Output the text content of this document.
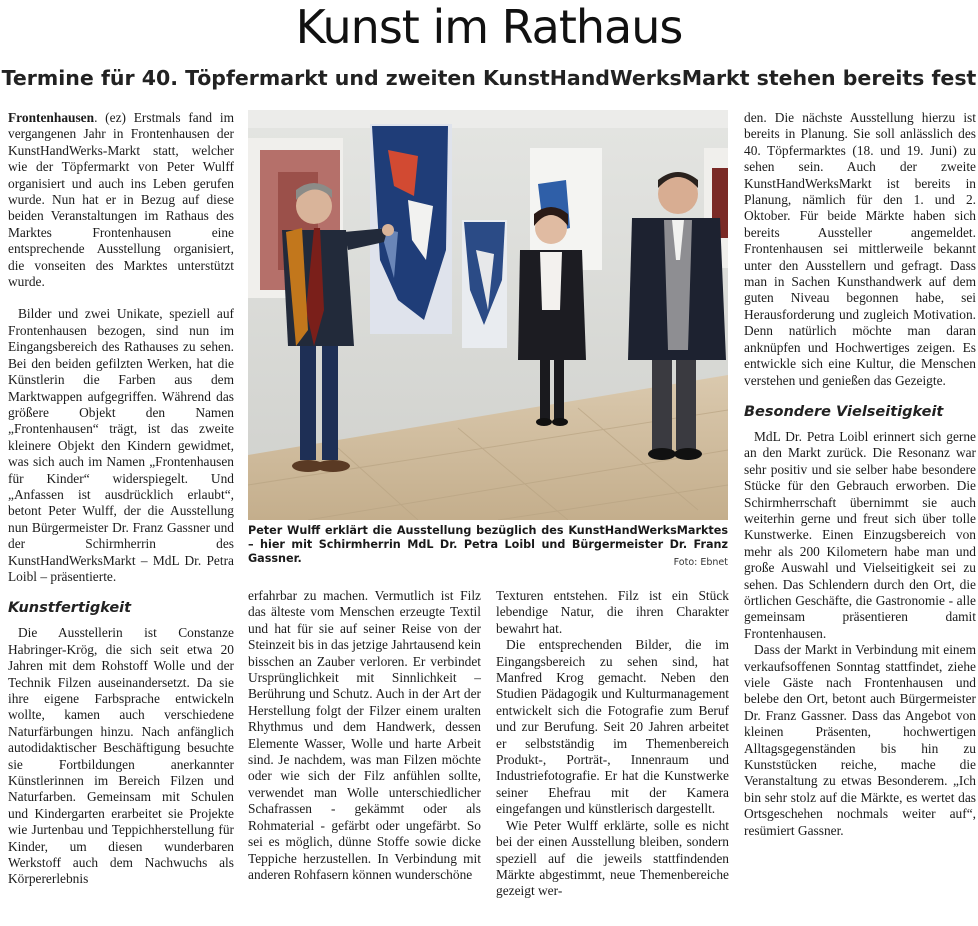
Kunst im Rathaus
Termine für 40. Töpfermarkt und zweiten KunstHandWerksMarkt stehen bereits fest

Frontenhausen. (ez) Erstmals fand im vergangenen Jahr in Frontenhausen der KunstHandWerks-Markt statt, welcher wie der Töpfermarkt von Peter Wulff organisiert und auch ins Leben gerufen wurde. Nun hat er in Bezug auf diese beiden Veranstaltungen im Rathaus des Marktes Frontenhausen eine entsprechende Ausstellung organisiert, die vonseiten des Marktes unterstützt wurde.

Bilder und zwei Unikate, speziell auf Frontenhausen bezogen, sind nun im Eingangsbereich des Rathauses zu sehen. Bei den beiden gefilzten Werken, hat die Künstlerin die Farben aus dem Marktwappen aufgegriffen. Während das größere Objekt den Namen „Frontenhausen“ trägt, ist das zweite kleinere Objekt den Kindern gewidmet, was sich auch im Namen „Frontenhausen für Kinder“ widerspiegelt. Und „Anfassen ist ausdrücklich erlaubt“, betont Peter Wulff, der die Ausstellung nun Bürgermeister Dr. Franz Gassner und der Schirmherrin des KunstHandWerksMarkt – MdL Dr. Petra Loibl – präsentierte.

Kunstfertigkeit

Die Ausstellerin ist Constanze Habringer-Krög, die sich seit etwa 20 Jahren mit dem Rohstoff Wolle und der Technik Filzen auseinandersetzt. Da sie ihre eigene Farbsprache entwickeln wollte, kamen auch verschiedene Naturfärbungen hinzu. Nach anfänglich autodidaktischer Beschäftigung besuchte sie Fortbildungen anerkannter Künstlerinnen im Bereich Filzen und Naturfarben. Gemeinsam mit Schulen und Kindergarten erarbeitet sie Projekte wie Jurtenbau und Teppichherstellung für Kinder, um diesen wunderbaren Werkstoff auch dem Nachwuchs als Körpererlebnis

Peter Wulff erklärt die Ausstellung bezüglich des KunstHandWerksMarktes – hier mit Schirmherrin MdL Dr. Petra Loibl und Bürgermeister Dr. Franz Gassner.	Foto: Ebnet

erfahrbar zu machen. Vermutlich ist Filz das älteste vom Menschen erzeugte Textil und hat für sie auf seiner Reise von der Steinzeit bis in das jetzige Jahrtausend kein bisschen an Zauber verloren. Er verbindet Ursprünglichkeit mit Sinnlichkeit – Berührung und Schutz. Auch in der Art der Herstellung folgt der Filzer einem uralten Rhythmus und dem Handwerk, dessen Elemente Wasser, Wolle und harte Arbeit sind. Je nachdem, was man Filzen möchte oder wie sich der Filz anfühlen sollte, verwendet man Wolle unterschiedlicher Schafrassen - gekämmt oder als Rohmaterial - gefärbt oder ungefärbt. So sei es möglich, dünne Stoffe sowie dicke Teppiche herzustellen. In Verbindung mit anderen Rohfasern können wunderschöne

Texturen entstehen. Filz ist ein Stück lebendige Natur, die ihren Charakter bewahrt hat.

Die entsprechenden Bilder, die im Eingangsbereich zu sehen sind, hat Manfred Krog gemacht. Neben den Studien Pädagogik und Kulturmanagement entwickelt sich die Fotografie zum Beruf und zur Berufung. Seit 20 Jahren arbeitet er selbstständig im Themenbereich Produkt-, Porträt-, Innenraum und Industriefotografie. Er hat die Kunstwerke seiner Ehefrau mit der Kamera eingefangen und künstlerisch dargestellt.

Wie Peter Wulff erklärte, solle es nicht bei der einen Ausstellung bleiben, sondern speziell auf die jeweils stattfindenden Märkte abgestimmt, neue Themenbereiche gezeigt wer-

den. Die nächste Ausstellung hierzu ist bereits in Planung. Sie soll anlässlich des 40. Töpfermarktes (18. und 19. Juni) zu sehen sein. Auch der zweite KunstHandWerksMarkt ist bereits in Planung, nämlich für den 1. und 2. Oktober. Für beide Märkte haben sich bereits Aussteller angemeldet. Frontenhausen sei mittlerweile bekannt unter den Ausstellern und gefragt. Dass man in Sachen Kunsthandwerk auf dem guten Niveau begonnen habe, sei Herausforderung und zugleich Motivation. Denn natürlich möchte man daran anknüpfen und Hochwertiges zeigen. Es entwickle sich eine Kultur, die Menschen verstehen und genießen das Gezeigte.

Besondere Vielseitigkeit

MdL Dr. Petra Loibl erinnert sich gerne an den Markt zurück. Die Resonanz war sehr positiv und sie selber habe besondere Stücke für den Gebrauch erworben. Die Schirmherrschaft übernimmt sie auch weiterhin gerne und freut sich über tolle Kunstwerke. Einen Einzugsbereich von mehr als 200 Kilometern habe man und große Auswahl und Vielseitigkeit sei zu sehen. Das Schlendern durch den Ort, die örtlichen Geschäfte, die Gastronomie - alle gemeinsam präsentieren damit Frontenhausen.

Dass der Markt in Verbindung mit einem verkaufsoffenen Sonntag stattfindet, ziehe viele Gäste nach Frontenhausen und belebe den Ort, betont auch Bürgermeister Dr. Franz Gassner. Dass das Angebot von kleinen Präsenten, hochwertigen Alltagsgegenständen bis hin zu Kunststücken reiche, mache die Veranstaltung zu etwas Besonderem. „Ich bin sehr stolz auf die Märkte, es wertet das Ortsgeschehen nochmals weiter auf“, resümiert Gassner.
